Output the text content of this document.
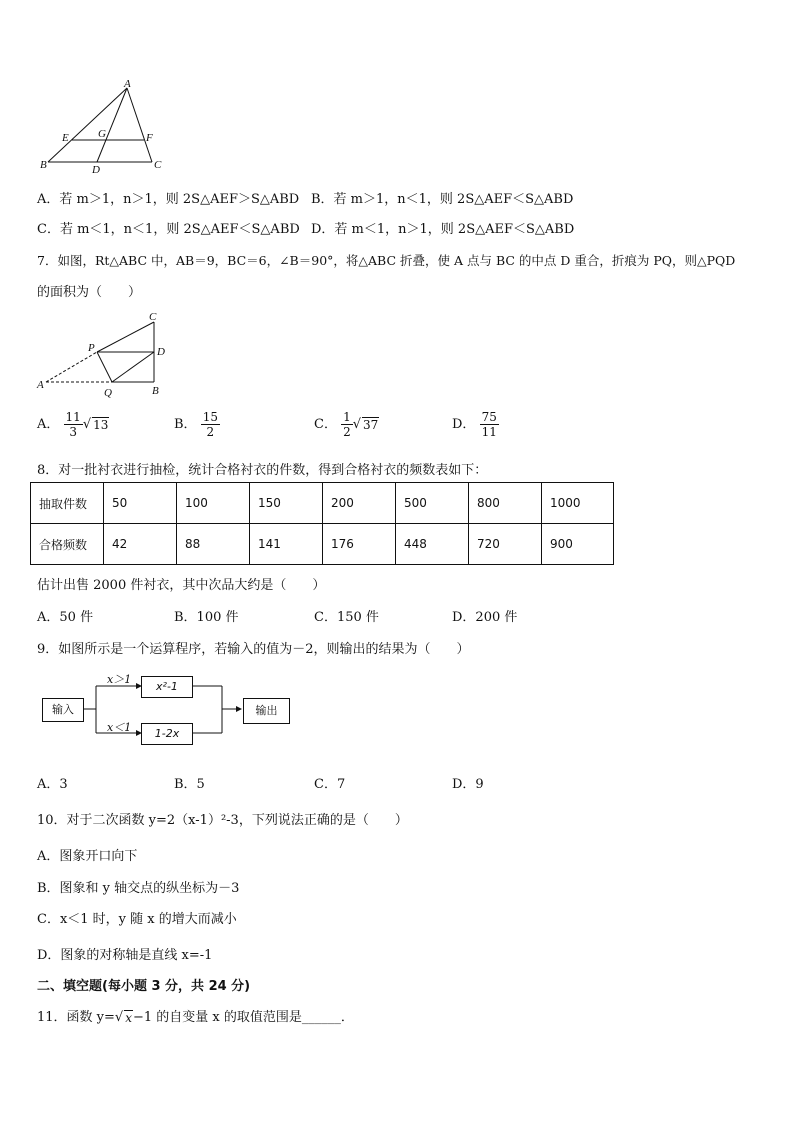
A
E	G	F
B	D	C
A．若 m＞1，n＞1，则 2S△AEF＞S△ABD B．若 m＞1，n＜1，则 2S△AEF＜S△ABD
C．若 m＜1，n＜1，则 2S△AEF＜S△ABD D．若 m＜1，n＞1，则 2S△AEF＜S△ABD
7．如图，Rt△ABC 中，AB＝9，BC＝6，∠B＝90°，将△ABC 折叠，使 A 点与 BC 的中点 D 重合，折痕为 PQ，则△PQD
的面积为（　　）
C
P	D
A
Q	B
A． $\frac{11}{3}$ √ 13	B． $\frac{15}{2}$	C． $\frac{1}{2}$ √ 37	D． $\frac{75}{11}$
8．对一批衬衣进行抽检，统计合格衬衣的件数，得到合格衬衣的频数表如下：
抽取件数	50	100	150	200	500	800	1000
合格频数	42	88	141	176	448	720	900
估计出售 2000 件衬衣，其中次品大约是（　　）
A．50 件	B．100 件	C．150 件	D．200 件
9．如图所示是一个运算程序，若输入的值为－2，则输出的结果为（　　）
输入
x＞1
x²-1
x＜1	1-2x
输出
A．3	B．5	C．7	D．9
10．对于二次函数 y=2（x-1）²-3，下列说法正确的是（　　）
A．图象开口向下
B．图象和 y 轴交点的纵坐标为－3
C．x＜1 时，y 随 x 的增大而减小
D．图象的对称轴是直线 x=-1
二、填空题(每小题 3 分，共 24 分)
11．函数 y=√ x−1 的自变量 x 的取值范围是______．
